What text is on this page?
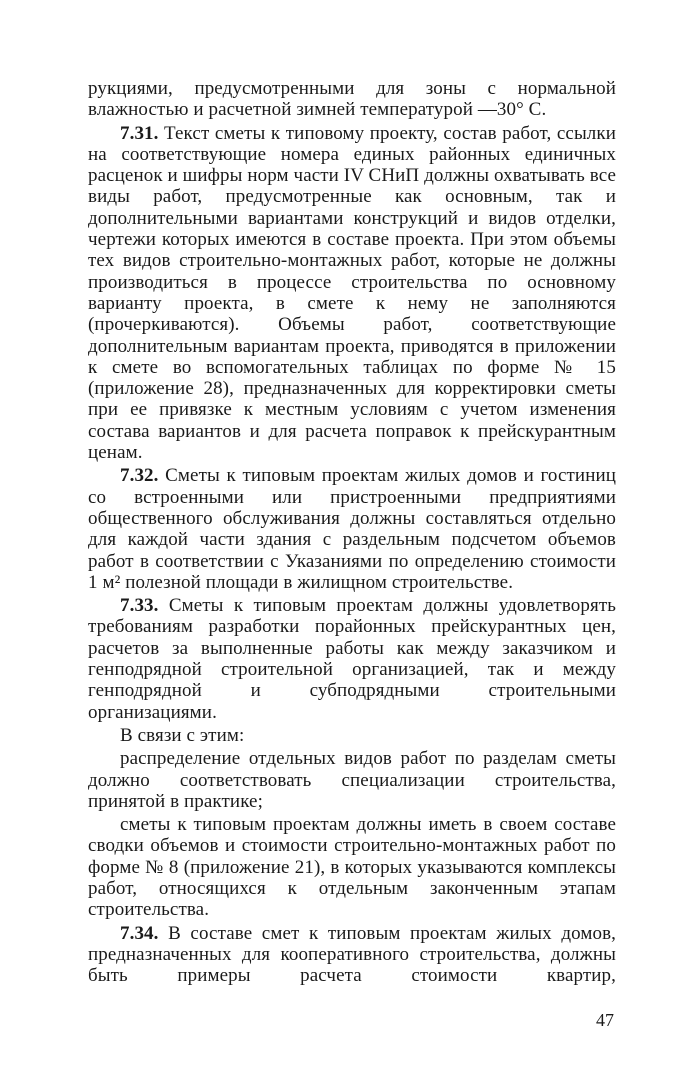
рукциями, предусмотренными для зоны с нормальной влажностью и расчетной зимней температурой —30° С.

7.31. Текст сметы к типовому проекту, состав работ, ссылки на соответствующие номера единых районных единичных расценок и шифры норм части IV СНиП должны охватывать все виды работ, предусмотренные как основным, так и дополнительными вариантами конструкций и видов отделки, чертежи которых имеются в составе проекта. При этом объемы тех видов строительно-монтажных работ, которые не должны производиться в процессе строительства по основному варианту проекта, в смете к нему не заполняются (прочеркиваются). Объемы работ, соответствующие дополнительным вариантам проекта, приводятся в приложении к смете во вспомогательных таблицах по форме № 15 (приложение 28), предназначенных для корректировки сметы при ее привязке к местным условиям с учетом изменения состава вариантов и для расчета поправок к прейскурантным ценам.

7.32. Сметы к типовым проектам жилых домов и гостиниц со встроенными или пристроенными предприятиями общественного обслуживания должны составляться отдельно для каждой части здания с раздельным подсчетом объемов работ в соответствии с Указаниями по определению стоимости 1 м² полезной площади в жилищном строительстве.

7.33. Сметы к типовым проектам должны удовлетворять требованиям разработки порайонных прейскурантных цен, расчетов за выполненные работы как между заказчиком и генподрядной строительной организацией, так и между генподрядной и субподрядными строительными организациями.

В связи с этим:

распределение отдельных видов работ по разделам сметы должно соответствовать специализации строительства, принятой в практике;

сметы к типовым проектам должны иметь в своем составе сводки объемов и стоимости строительно-монтажных работ по форме № 8 (приложение 21), в которых указываются комплексы работ, относящихся к отдельным законченным этапам строительства.

7.34. В составе смет к типовым проектам жилых домов, предназначенных для кооперативного строительства, должны быть примеры расчета стоимости квартир,

47
